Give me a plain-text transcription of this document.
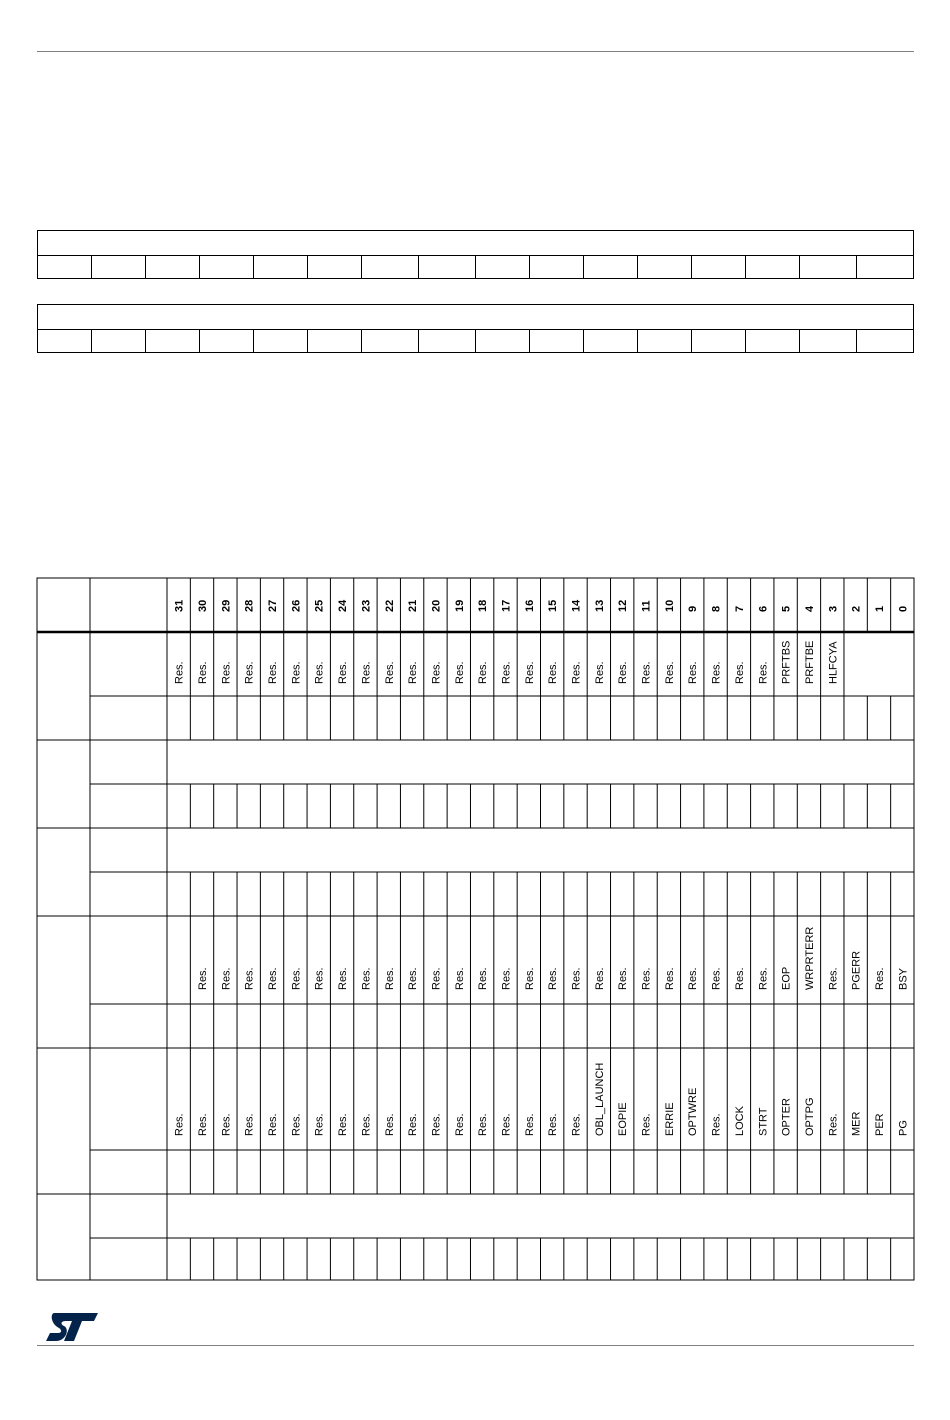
31 30 29 28 27 26 25 24 23 22 21 20 19 18 17 16 15 14 13 12 11 10 9 8 7 6 5 4 3 2 1 0
Res. Res. Res. Res. Res. Res. Res. Res. Res. Res. Res. Res. Res. Res. Res. Res. Res. Res. Res. Res. Res. Res. Res. Res. Res. Res. PRFTBS PRFTBE HLFCYA
Res. Res. Res. Res. Res. Res. Res. Res. Res. Res. Res. Res. Res. Res. Res. Res. Res. Res. Res. Res. Res. Res. Res. Res. Res. EOP WRPRTERR Res. PGERR Res. BSY
Res. Res. Res. Res. Res. Res. Res. Res. Res. Res. Res. Res. Res. Res. Res. Res. Res. Res. OBL_LAUNCH EOPIE Res. ERRIE OPTWRE Res. LOCK STRT OPTER OPTPG Res. MER PER PG
